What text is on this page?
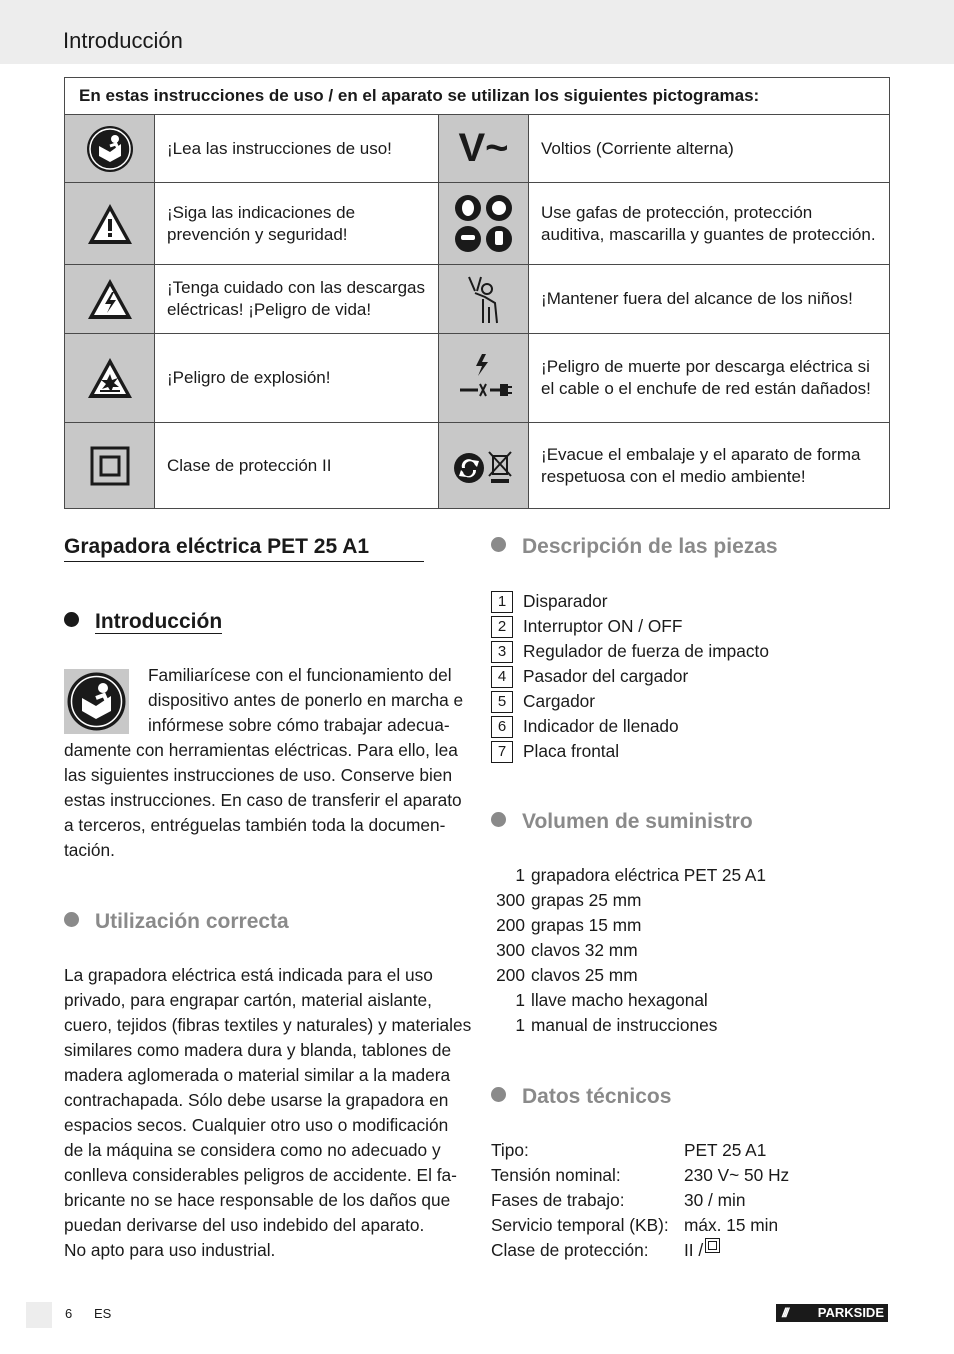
Introducción
En estas instrucciones de uso / en el aparato se utilizan los siguientes pictogramas:			

	¡Lea las instrucciones de uso!	V~	Voltios (Corriente alterna)

	¡Siga las indicaciones de prevención y seguridad!		Use gafas de protección, protección auditiva, mascarilla y guantes de protección.

	¡Tenga cuidado con las descargas eléctricas! ¡Peligro de vida!		¡Mantener fuera del alcance de los niños!

	¡Peligro de explosión!		¡Peligro de muerte por descarga eléctrica si el cable o el enchufe de red están dañados!

	Clase de protección II		¡Evacue el embalaje y el aparato de forma respetuosa con el medio ambiente!
Grapadora eléctrica PET 25 A1
Introducción
Familiarícese con el funcionamiento del
dispositivo antes de ponerlo en marcha e
infórmese sobre cómo trabajar adecua-
damente con herramientas eléctricas. Para ello, lea
las siguientes instrucciones de uso. Conserve bien
estas instrucciones. En caso de transferir el aparato
a terceros, entréguelas también toda la documen-
tación.
Utilización correcta
La grapadora eléctrica está indicada para el uso
privado, para engrapar cartón, material aislante,
cuero, tejidos (fibras textiles y naturales) y materiales
similares como madera dura y blanda, tablones de
madera aglomerada o material similar a la madera
contrachapada. Sólo debe usarse la grapadora en
espacios secos. Cualquier otro uso o modificación
de la máquina se considera como no adecuado y
conlleva considerables peligros de accidente. El fa-
bricante no se hace responsable de los daños que
puedan derivarse del uso indebido del aparato.
No apto para uso industrial.
Descripción de las piezas
1 Disparador
2 Interruptor ON / OFF
3 Regulador de fuerza de impacto
4 Pasador del cargador
5 Cargador
6 Indicador de llenado
7 Placa frontal
Volumen de suministro
1 grapadora eléctrica PET 25 A1
300 grapas 25 mm
200 grapas 15 mm
300 clavos 32 mm
200 clavos 25 mm
1 llave macho hexagonal
1 manual de instrucciones
Datos técnicos
Tipo:	PET 25 A1
Tensión nominal:	230 V~ 50 Hz
Fases de trabajo:	30 / min
Servicio temporal (KB): máx. 15 min
Clase de protección:	II /
6 ES	/// PARKSIDE
